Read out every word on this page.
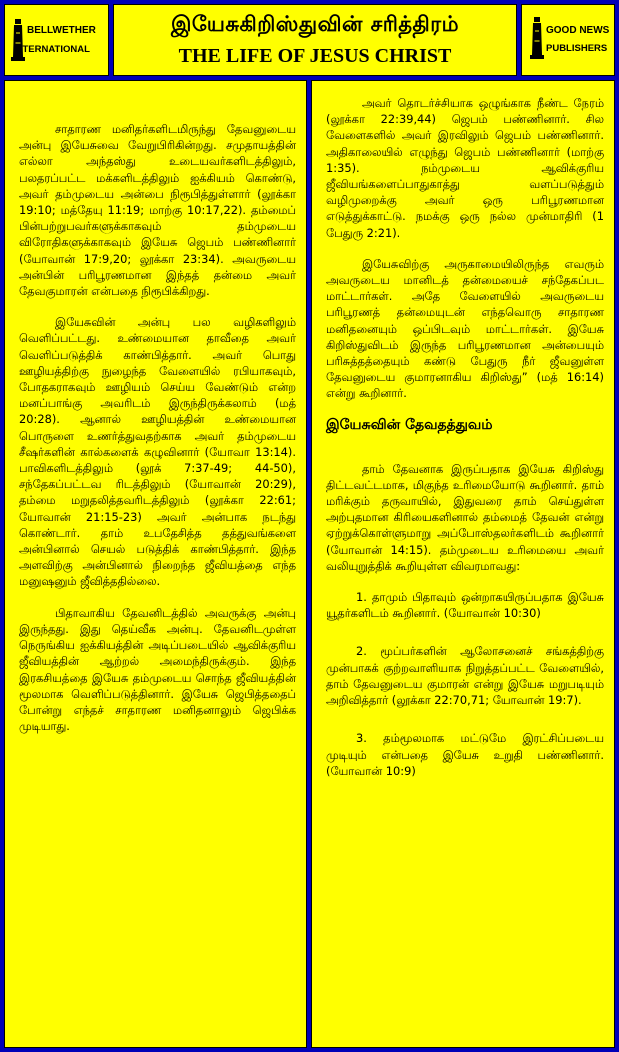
BELLWETHER
INTERNATIONAL
இயேசுகிறிஸ்துவின் சரித்திரம்
THE LIFE OF JESUS CHRIST
GOOD NEWS
PUBLISHERS

சாதாரண மனிதர்களிடமிருந்து தேவனுடைய அன்பு இயேசுவை வேறுபிரிகின்றது. சமுதாயத்தின் எல்லா அந்தஸ்து உடையவர்களிடத்திலும், பலதரப்பட்ட மக்களிடத்திலும் ஐக்கியம் கொண்டு, அவர் தம்முடைய அன்பை நிரூபித்துள்ளார் (லூக்கா 19:10; மத்தேயு 11:19; மாற்கு 10:17,22). தம்மைப் பின்பற்றுபவர்களுக்காகவும் தம்முடைய விரோதிகளுக்காகவும் இயேசு ஜெபம் பண்ணினார் (யோவான் 17:9,20; லூக்கா 23:34). அவருடைய அன்பின் பரிபூரணமான இந்தத் தன்மை அவர் தேவகுமாரன் என்பதை நிரூபிக்கிறது.

இயேசுவின் அன்பு பல வழிகளிலும் வெளிப்பட்டது. உண்மையான தாவீதை அவர் வெளிப்படுத்திக் காண்பித்தார். அவர் பொது ஊழியத்திற்கு நுழைந்த வேளையில் ரபியாகவும், போதகராகவும் ஊழியம் செய்ய வேண்டும் என்ற மனப்பாங்கு அவரிடம் இருந்திருக்கலாம் (மத் 20:28). ஆனால் ஊழியத்தின் உண்மையான பொருளை உணர்த்துவதற்காக அவர் தம்முடைய சீஷர்களின் கால்களைக் கழுவினார் (யோவா 13:14). பாவிகளிடத்திலும் (லூக் 7:37-49; 44-50), சந்தேகப்பட்டவ ரிடத்திலும் (யோவான் 20:29), தம்மை மறுதலித்தவரிடத்திலும் (லூக்கா 22:61; யோவான் 21:15-23) அவர் அன்பாக நடந்து கொண்டார். தாம் உபதேசித்த தத்துவங்களை அன்பினால் செயல் படுத்திக் காண்பித்தார். இந்த அளவிற்கு அன்பினால் நிறைந்த ஜீவியத்தை எந்த மனுஷனும் ஜீவித்ததில்லை.

பிதாவாகிய தேவனிடத்தில் அவருக்கு அன்பு இருந்தது. இது தெய்வீக அன்பு. தேவனிடமுள்ள நெருங்கிய ஐக்கியத்தின் அடிப்படையில் ஆவிக்குரிய ஜீவியத்தின் ஆற்றல் அமைந்திருக்கும். இந்த இரகசியத்தை இயேசு தம்முடைய சொந்த ஜீவியத்தின் மூலமாக வெளிப்படுத்தினார். இயேசு ஜெபித்ததைப் போன்று எந்தச் சாதாரண மனிதனாலும் ஜெபிக்க முடியாது.

அவர் தொடர்ச்சியாக ஒழுங்காக நீண்ட நேரம் (லூக்கா 22:39,44) ஜெபம் பண்ணினார். சில வேளைகளில் அவர் இரவிலும் ஜெபம் பண்ணினார். அதிகாலையில் எழுந்து ஜெபம் பண்ணினார் (மாற்கு 1:35). நம்முடைய ஆவிக்குரிய ஜீவியங்களைப்பாதுகாத்து வளப்படுத்தும் வழிமுறைக்கு அவர் ஒரு பரிபூரணமான எடுத்துக்காட்டு. நமக்கு ஒரு நல்ல முன்மாதிரி (1 பேதுரு 2:21).

இயேசுவிற்கு அருகாமையிலிருந்த எவரும் அவருடைய மானிடத் தன்மையைச் சந்தேகப்பட மாட்டார்கள். அதே வேளையில் அவருடைய பரிபூரணத் தன்மையுடன் எந்தவொரு சாதாரண மனிதனையும் ஒப்பிடவும் மாட்டார்கள். இயேசு கிறிஸ்துவிடம் இருந்த பரிபூரணமான அன்பையும் பரிசுத்தத்தையும் கண்டு பேதுரு நீர் ஜீவனுள்ள தேவனுடைய குமாரனாகிய கிறிஸ்து” (மத் 16:14) என்று கூறினார்.

இயேசுவின் தேவதத்துவம்

தாம் தேவனாக இருப்பதாக இயேசு கிறிஸ்து திட்டவட்டமாக, மிகுந்த உரிமையோடு கூறினார். தாம் மரிக்கும் தருவாயில், இதுவரை தாம் செய்துள்ள அற்புதமான கிரியைகளினால் தம்மைத் தேவன் என்று ஏற்றுக்கொள்ளுமாறு அப்போஸ்தலர்களிடம் கூறினார் (யோவான் 14:15). தம்முடைய உரிமையை அவர் வலியுறுத்திக் கூறியுள்ள விவரமாவது:

1. தாமும் பிதாவும் ஒன்றாகயிருப்பதாக இயேசு யூதர்களிடம் கூறினார். (யோவான் 10:30)

2. மூப்பர்களின் ஆலோசனைச் சங்கத்திற்கு முன்பாகக் குற்றவாளியாக நிறுத்தப்பட்ட வேளையில், தாம் தேவனுடைய குமாரன் என்று இயேசு மறுபடியும் அறிவித்தார் (லூக்கா 22:70,71; யோவான் 19:7).

3. தம்மூலமாக மட்டுமே இரட்சிப்படைய முடியும் என்பதை இயேசு உறுதி பண்ணினார். (யோவான் 10:9)
